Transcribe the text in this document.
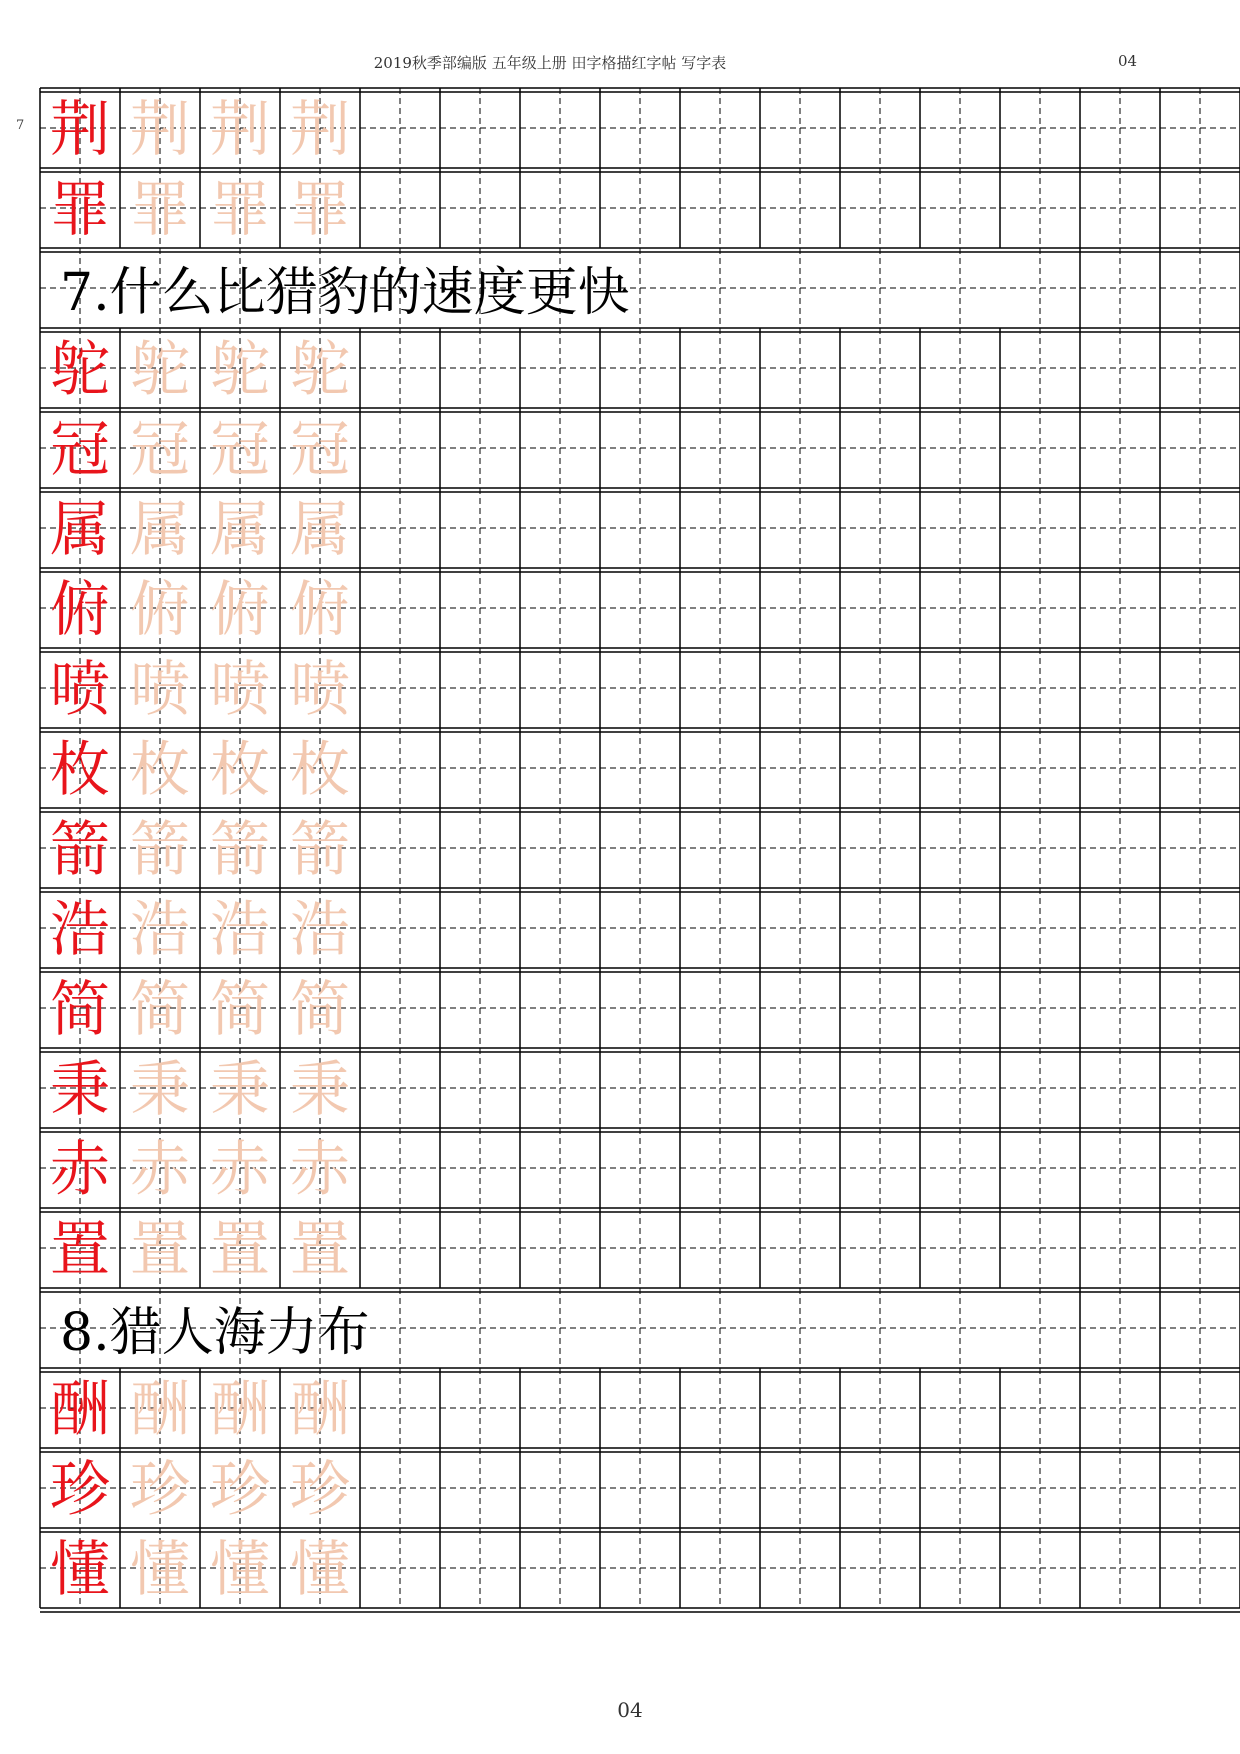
2019秋季部编版 五年级上册 田字格描红字帖 写字表	04
7 荆 荆 荆 荆
罪 罪 罪 罪
7.什么比猎豹的速度更快
鸵 鸵 鸵 鸵
冠 冠 冠 冠
属 属 属 属
俯 俯 俯 俯
喷 喷 喷 喷
枚 枚 枚 枚
箭 箭 箭 箭
浩 浩 浩 浩
简 简 简 简
秉 秉 秉 秉
赤 赤 赤 赤
置 置 置 置
8.猎人海力布
酬 酬 酬 酬
珍 珍 珍 珍
懂 懂 懂 懂
04
